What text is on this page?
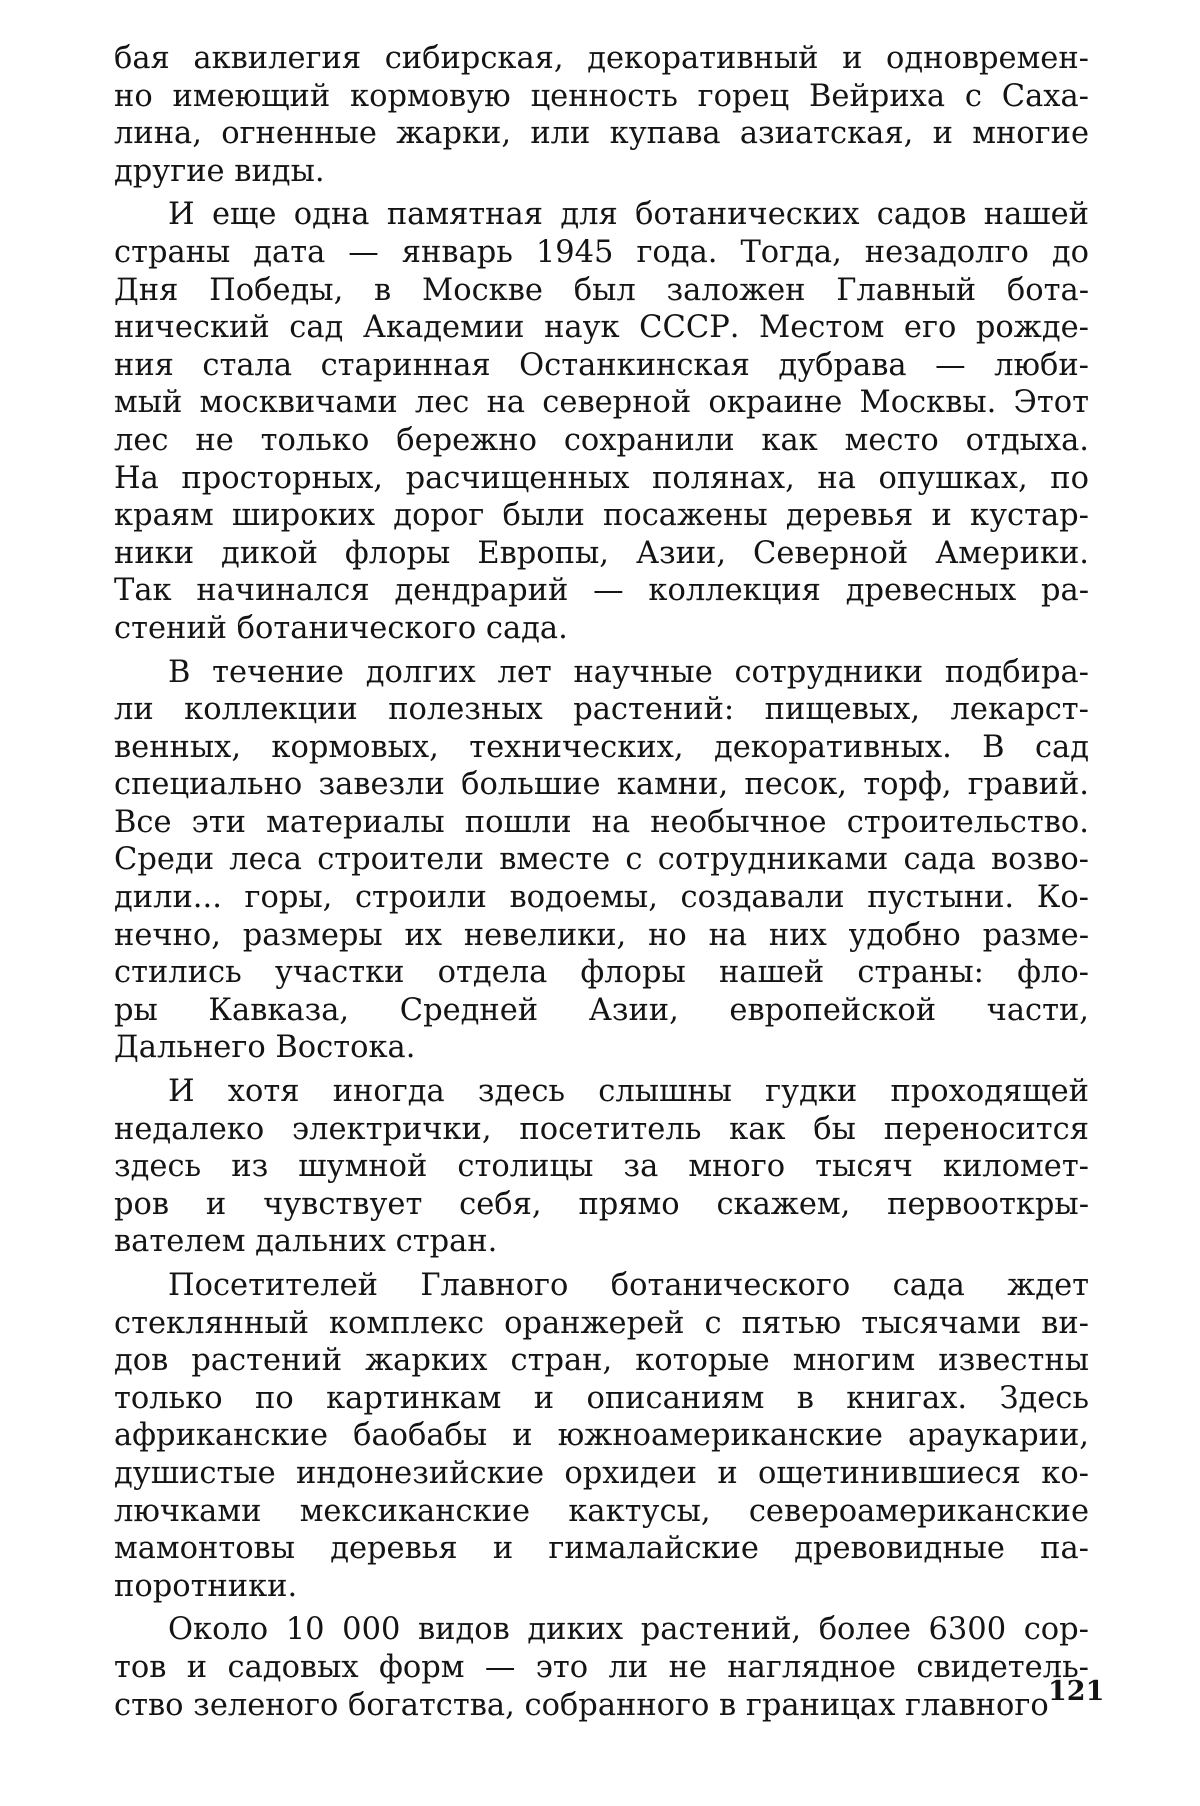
бая аквилегия сибирская, декоративный и одновремен-
но имеющий кормовую ценность горец Вейриха с Саха-
лина, огненные жарки, или купава азиатская, и многие
другие виды.

И еще одна памятная для ботанических садов нашей
страны дата — январь 1945 года. Тогда, незадолго до
Дня Победы, в Москве был заложен Главный бота-
нический сад Академии наук СССР. Местом его рожде-
ния стала старинная Останкинская дубрава — люби-
мый москвичами лес на северной окраине Москвы. Этот
лес не только бережно сохранили как место отдыха.
На просторных, расчищенных полянах, на опушках, по
краям широких дорог были посажены деревья и кустар-
ники дикой флоры Европы, Азии, Северной Америки.
Так начинался дендрарий — коллекция древесных ра-
стений ботанического сада.

В течение долгих лет научные сотрудники подбира-
ли коллекции полезных растений: пищевых, лекарст-
венных, кормовых, технических, декоративных. В сад
специально завезли большие камни, песок, торф, гравий.
Все эти материалы пошли на необычное строительство.
Среди леса строители вместе с сотрудниками сада возво-
дили... горы, строили водоемы, создавали пустыни. Ко-
нечно, размеры их невелики, но на них удобно разме-
стились участки отдела флоры нашей страны: фло-
ры Кавказа, Средней Азии, европейской части,
Дальнего Востока.

И хотя иногда здесь слышны гудки проходящей
недалеко электрички, посетитель как бы переносится
здесь из шумной столицы за много тысяч километ-
ров и чувствует себя, прямо скажем, первооткры-
вателем дальних стран.

Посетителей Главного ботанического сада ждет
стеклянный комплекс оранжерей с пятью тысячами ви-
дов растений жарких стран, которые многим известны
только по картинкам и описаниям в книгах. Здесь
африканские баобабы и южноамериканские араукарии,
душистые индонезийские орхидеи и ощетинившиеся ко-
лючками мексиканские кактусы, североамериканские
мамонтовы деревья и гималайские древовидные па-
поротники.

Около 10 000 видов диких растений, более 6300 сор-
тов и садовых форм — это ли не наглядное свидетель-
ство зеленого богатства, собранного в границах главного 121
